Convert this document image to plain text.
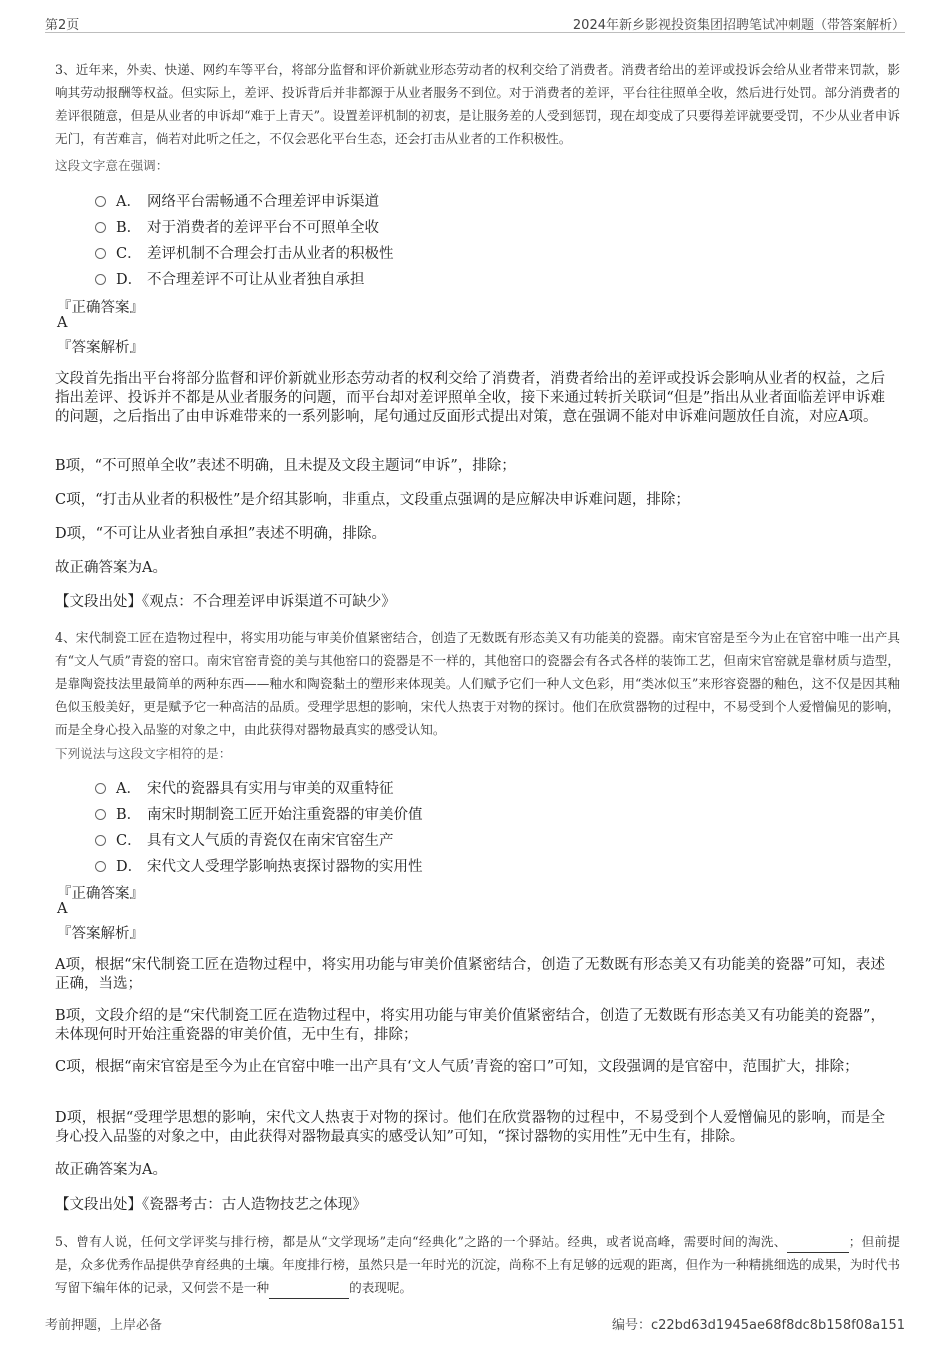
第2页	2024年新乡影视投资集团招聘笔试冲刺题（带答案解析）
3、近年来，外卖、快递、网约车等平台，将部分监督和评价新就业形态劳动者的权利交给了消费者。消费者给出的差评或投诉会给从业者带来罚款，影响其劳动报酬等权益。但实际上，差评、投诉背后并非都源于从业者服务不到位。对于消费者的差评，平台往往照单全收，然后进行处罚。部分消费者的差评很随意，但是从业者的申诉却“难于上青天”。设置差评机制的初衷，是让服务差的人受到惩罚，现在却变成了只要得差评就要受罚，不少从业者申诉无门，有苦难言，倘若对此听之任之，不仅会恶化平台生态，还会打击从业者的工作积极性。
这段文字意在强调：
A． 网络平台需畅通不合理差评申诉渠道
B． 对于消费者的差评平台不可照单全收
C． 差评机制不合理会打击从业者的积极性
D． 不合理差评不可让从业者独自承担
『正确答案』
A
『答案解析』
文段首先指出平台将部分监督和评价新就业形态劳动者的权利交给了消费者，消费者给出的差评或投诉会影响从业者的权益，之后指出差评、投诉并不都是从业者服务的问题，而平台却对差评照单全收，接下来通过转折关联词“但是”指出从业者面临差评申诉难的问题，之后指出了由申诉难带来的一系列影响，尾句通过反面形式提出对策，意在强调不能对申诉难问题放任自流，对应A项。
B项，“不可照单全收”表述不明确，且未提及文段主题词“申诉”，排除；
C项，“打击从业者的积极性”是介绍其影响，非重点，文段重点强调的是应解决申诉难问题，排除；
D项，“不可让从业者独自承担”表述不明确，排除。
故正确答案为A。
【文段出处】《观点：不合理差评申诉渠道不可缺少》
4、宋代制瓷工匠在造物过程中，将实用功能与审美价值紧密结合，创造了无数既有形态美又有功能美的瓷器。南宋官窑是至今为止在官窑中唯一出产具有“文人气质”青瓷的窑口。南宋官窑青瓷的美与其他窑口的瓷器是不一样的，其他窑口的瓷器会有各式各样的装饰工艺，但南宋官窑就是靠材质与造型，是靠陶瓷技法里最简单的两种东西——釉水和陶瓷黏土的塑形来体现美。人们赋予它们一种人文色彩，用“类冰似玉”来形容瓷器的釉色，这不仅是因其釉色似玉般美好，更是赋予它一种高洁的品质。受理学思想的影响，宋代人热衷于对物的探讨。他们在欣赏器物的过程中，不易受到个人爱憎偏见的影响，而是全身心投入品鉴的对象之中，由此获得对器物最真实的感受认知。
下列说法与这段文字相符的是：
A． 宋代的瓷器具有实用与审美的双重特征
B． 南宋时期制瓷工匠开始注重瓷器的审美价值
C． 具有文人气质的青瓷仅在南宋官窑生产
D． 宋代文人受理学影响热衷探讨器物的实用性
『正确答案』
A
『答案解析』
A项，根据“宋代制瓷工匠在造物过程中，将实用功能与审美价值紧密结合，创造了无数既有形态美又有功能美的瓷器”可知，表述正确，当选；
B项，文段介绍的是“宋代制瓷工匠在造物过程中，将实用功能与审美价值紧密结合，创造了无数既有形态美又有功能美的瓷器”，未体现何时开始注重瓷器的审美价值，无中生有，排除；
C项，根据“南宋官窑是至今为止在官窑中唯一出产具有‘文人气质’青瓷的窑口”可知，文段强调的是官窑中，范围扩大，排除；
D项，根据“受理学思想的影响，宋代文人热衷于对物的探讨。他们在欣赏器物的过程中，不易受到个人爱憎偏见的影响，而是全身心投入品鉴的对象之中，由此获得对器物最真实的感受认知”可知，“探讨器物的实用性”无中生有，排除。
故正确答案为A。
【文段出处】《瓷器考古：古人造物技艺之体现》
5、曾有人说，任何文学评奖与排行榜，都是从“文学现场”走向“经典化”之路的一个驿站。经典，或者说高峰，需要时间的淘洗、	；但前提是，众多优秀作品提供孕育经典的土壤。年度排行榜，虽然只是一年时光的沉淀，尚称不上有足够的远观的距离，但作为一种精挑细选的成果，为时代书写留下编年体的记录，又何尝不是一种	的表现呢。
考前押题，上岸必备	编号：c22bd63d1945ae68f8dc8b158f08a151
